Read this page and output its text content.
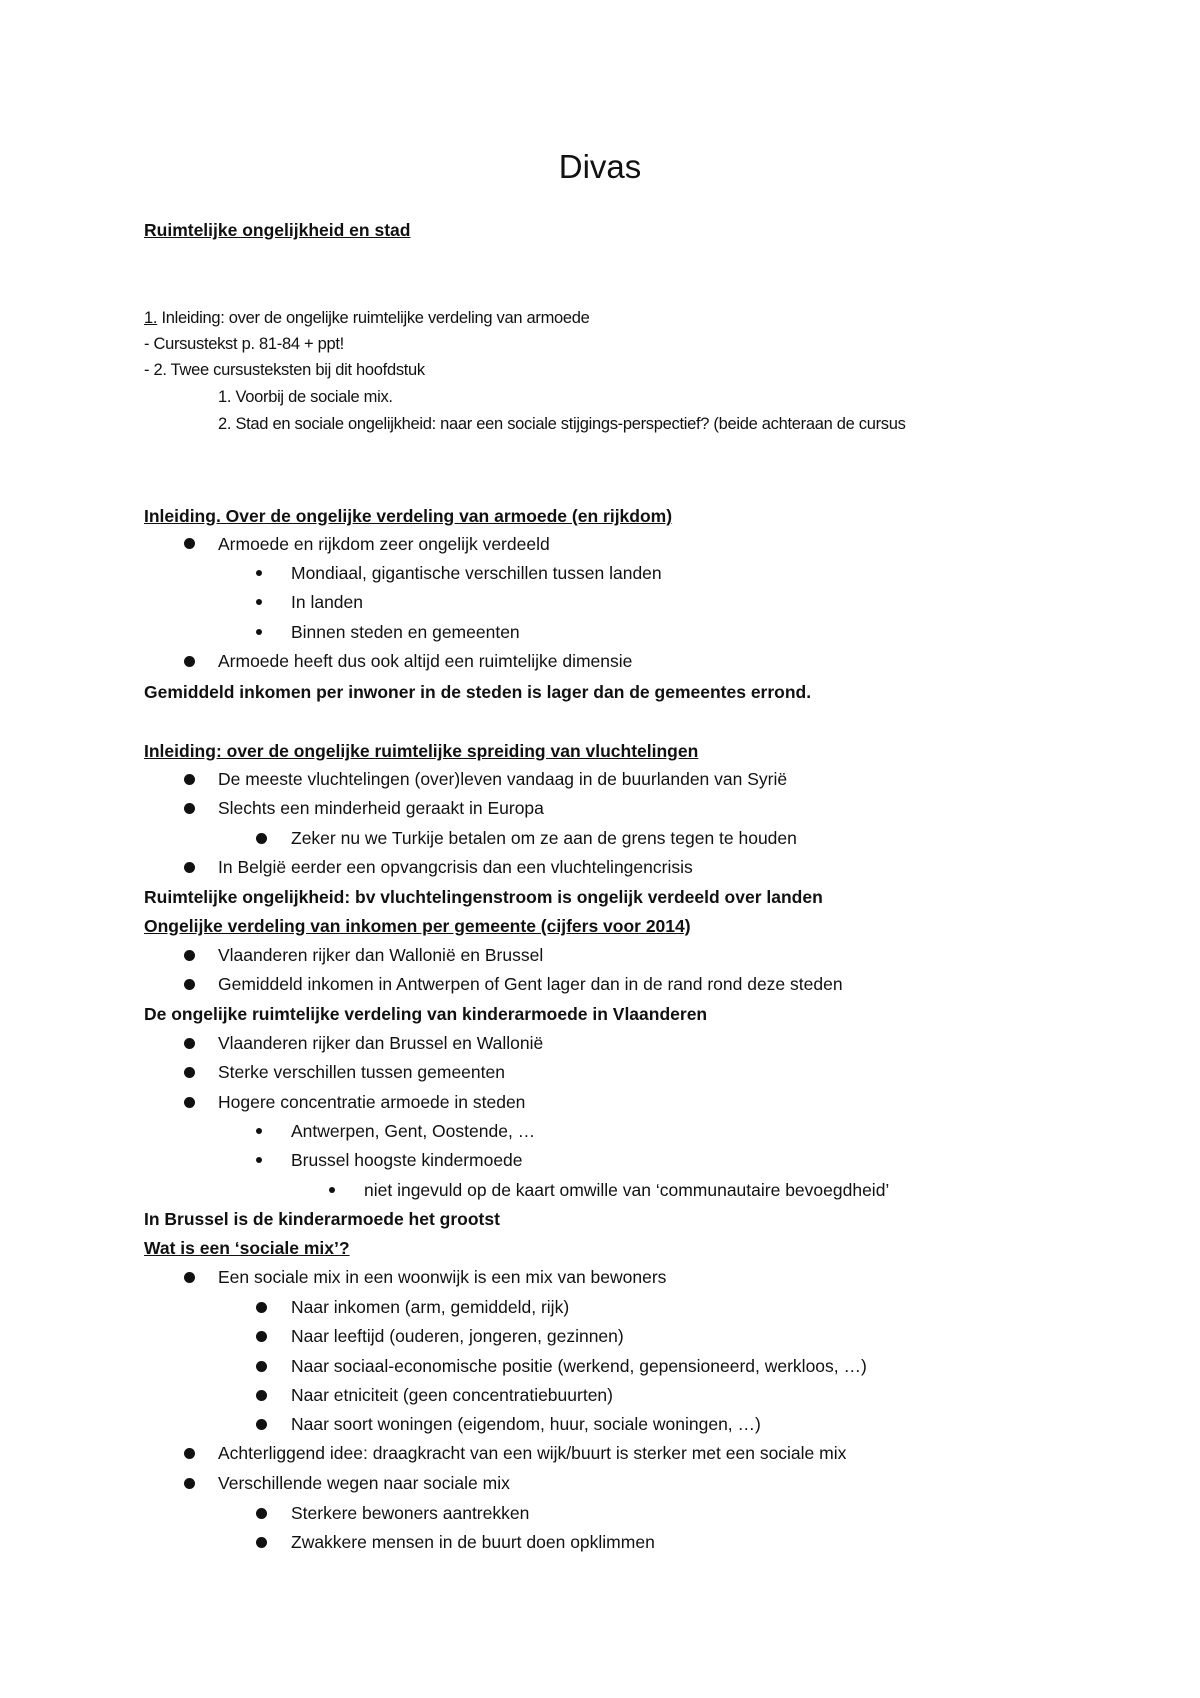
Divas
Ruimtelijke ongelijkheid en stad
1. Inleiding: over de ongelijke ruimtelijke verdeling van armoede
- Cursustekst p. 81-84 + ppt!
- 2. Twee cursusteksten bij dit hoofdstuk
1. Voorbij de sociale mix.
2. Stad en sociale ongelijkheid: naar een sociale stijgings-perspectief? (beide achteraan de cursus
Inleiding. Over de ongelijke verdeling van armoede (en rijkdom)
Armoede en rijkdom zeer ongelijk verdeeld
Mondiaal, gigantische verschillen tussen landen
In landen
Binnen steden en gemeenten
Armoede heeft dus ook altijd een ruimtelijke dimensie
Gemiddeld inkomen per inwoner in de steden is lager dan de gemeentes errond.
Inleiding: over de ongelijke ruimtelijke spreiding van vluchtelingen
De meeste vluchtelingen (over)leven vandaag in de buurlanden van Syrië
Slechts een minderheid geraakt in Europa
Zeker nu we Turkije betalen om ze aan de grens tegen te houden
In België eerder een opvangcrisis dan een vluchtelingencrisis
Ruimtelijke ongelijkheid: bv vluchtelingenstroom is ongelijk verdeeld over landen
Ongelijke verdeling van inkomen per gemeente (cijfers voor 2014)
Vlaanderen rijker dan Wallonië en Brussel
Gemiddeld inkomen in Antwerpen of Gent lager dan in de rand rond deze steden
De ongelijke ruimtelijke verdeling van kinderarmoede in Vlaanderen
Vlaanderen rijker dan Brussel en Wallonië
Sterke verschillen tussen gemeenten
Hogere concentratie armoede in steden
Antwerpen, Gent, Oostende, …
Brussel hoogste kindermoede
niet ingevuld op de kaart omwille van ‘communautaire bevoegdheid’
In Brussel is de kinderarmoede het grootst
Wat is een ‘sociale mix’?
Een sociale mix in een woonwijk is een mix van bewoners
Naar inkomen (arm, gemiddeld, rijk)
Naar leeftijd (ouderen, jongeren, gezinnen)
Naar sociaal-economische positie (werkend, gepensioneerd, werkloos, …)
Naar etniciteit (geen concentratiebuurten)
Naar soort woningen (eigendom, huur, sociale woningen, …)
Achterliggend idee: draagkracht van een wijk/buurt is sterker met een sociale mix
Verschillende wegen naar sociale mix
Sterkere bewoners aantrekken
Zwakkere mensen in de buurt doen opklimmen
